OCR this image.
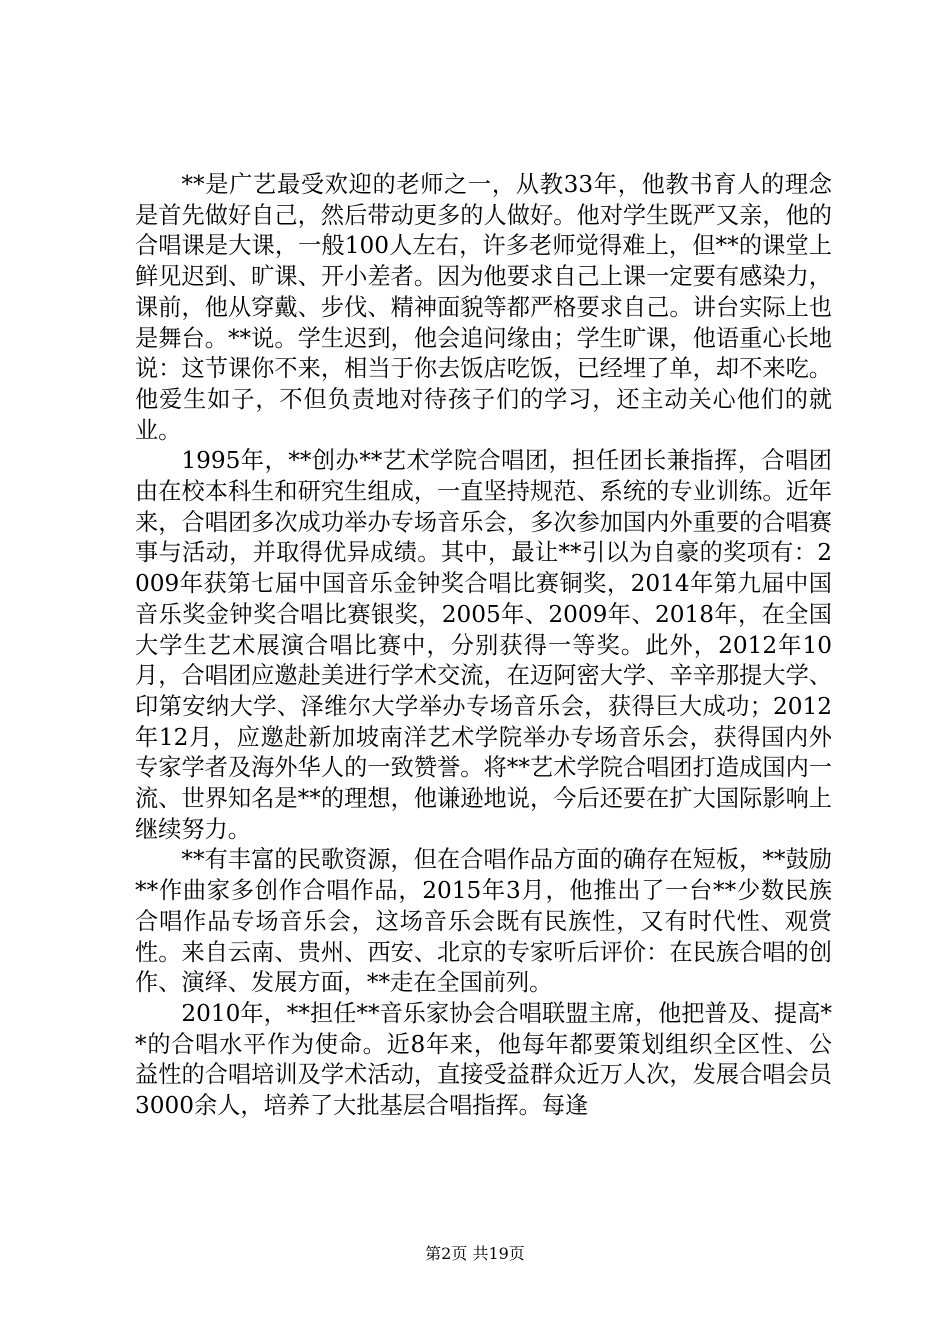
**是广艺最受欢迎的老师之一，从教33年，他教书育人的理念是首先做好自己，然后带动更多的人做好。他对学生既严又亲，他的合唱课是大课，一般100人左右，许多老师觉得难上，但**的课堂上鲜见迟到、旷课、开小差者。因为他要求自己上课一定要有感染力，课前，他从穿戴、步伐、精神面貌等都严格要求自己。讲台实际上也是舞台。**说。学生迟到，他会追问缘由；学生旷课，他语重心长地说：这节课你不来，相当于你去饭店吃饭，已经埋了单，却不来吃。他爱生如子，不但负责地对待孩子们的学习，还主动关心他们的就业。

1995年，**创办**艺术学院合唱团，担任团长兼指挥，合唱团由在校本科生和研究生组成，一直坚持规范、系统的专业训练。近年来，合唱团多次成功举办专场音乐会，多次参加国内外重要的合唱赛事与活动，并取得优异成绩。其中，最让**引以为自豪的奖项有：2009年获第七届中国音乐金钟奖合唱比赛铜奖，2014年第九届中国音乐奖金钟奖合唱比赛银奖，2005年、2009年、2018年，在全国大学生艺术展演合唱比赛中，分别获得一等奖。此外，2012年10月，合唱团应邀赴美进行学术交流，在迈阿密大学、辛辛那提大学、印第安纳大学、泽维尔大学举办专场音乐会，获得巨大成功；2012年12月，应邀赴新加坡南洋艺术学院举办专场音乐会，获得国内外专家学者及海外华人的一致赞誉。将**艺术学院合唱团打造成国内一流、世界知名是**的理想，他谦逊地说，今后还要在扩大国际影响上继续努力。

**有丰富的民歌资源，但在合唱作品方面的确存在短板，**鼓励**作曲家多创作合唱作品，2015年3月，他推出了一台**少数民族合唱作品专场音乐会，这场音乐会既有民族性，又有时代性、观赏性。来自云南、贵州、西安、北京的专家听后评价：在民族合唱的创作、演绎、发展方面，**走在全国前列。

2010年，**担任**音乐家协会合唱联盟主席，他把普及、提高**的合唱水平作为使命。近8年来，他每年都要策划组织全区性、公益性的合唱培训及学术活动，直接受益群众近万人次，发展合唱会员3000余人，培养了大批基层合唱指挥。每逢

第2页 共19页
